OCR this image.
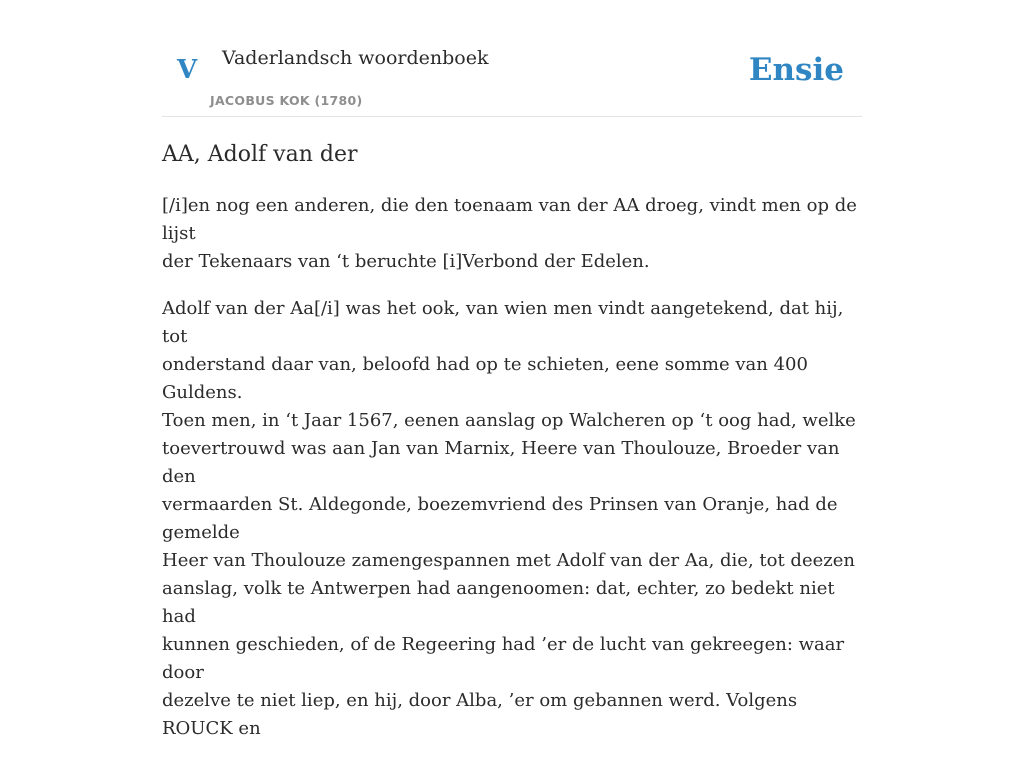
V Vaderlandsch woordenboek
JACOBUS KOK (1780)
Ensie
AA, Adolf van der

[/i]en nog een anderen, die den toenaam van der AA droeg, vindt men op de lijst
der Tekenaars van ‘t beruchte [i]Verbond der Edelen.

Adolf van der Aa[/i] was het ook, van wien men vindt aangetekend, dat hij, tot
onderstand daar van, beloofd had op te schieten, eene somme van 400 Guldens.
Toen men, in ‘t Jaar 1567, eenen aanslag op Walcheren op ‘t oog had, welke
toevertrouwd was aan Jan van Marnix, Heere van Thoulouze, Broeder van den
vermaarden St. Aldegonde, boezemvriend des Prinsen van Oranje, had de gemelde
Heer van Thoulouze zamengespannen met Adolf van der Aa, die, tot deezen
aanslag, volk te Antwerpen had aangenoomen: dat, echter, zo bedekt niet had
kunnen geschieden, of de Regeering had ’er de lucht van gekreegen: waar door
dezelve te niet liep, en hij, door Alba, ’er om gebannen werd. Volgens ROUCK en
